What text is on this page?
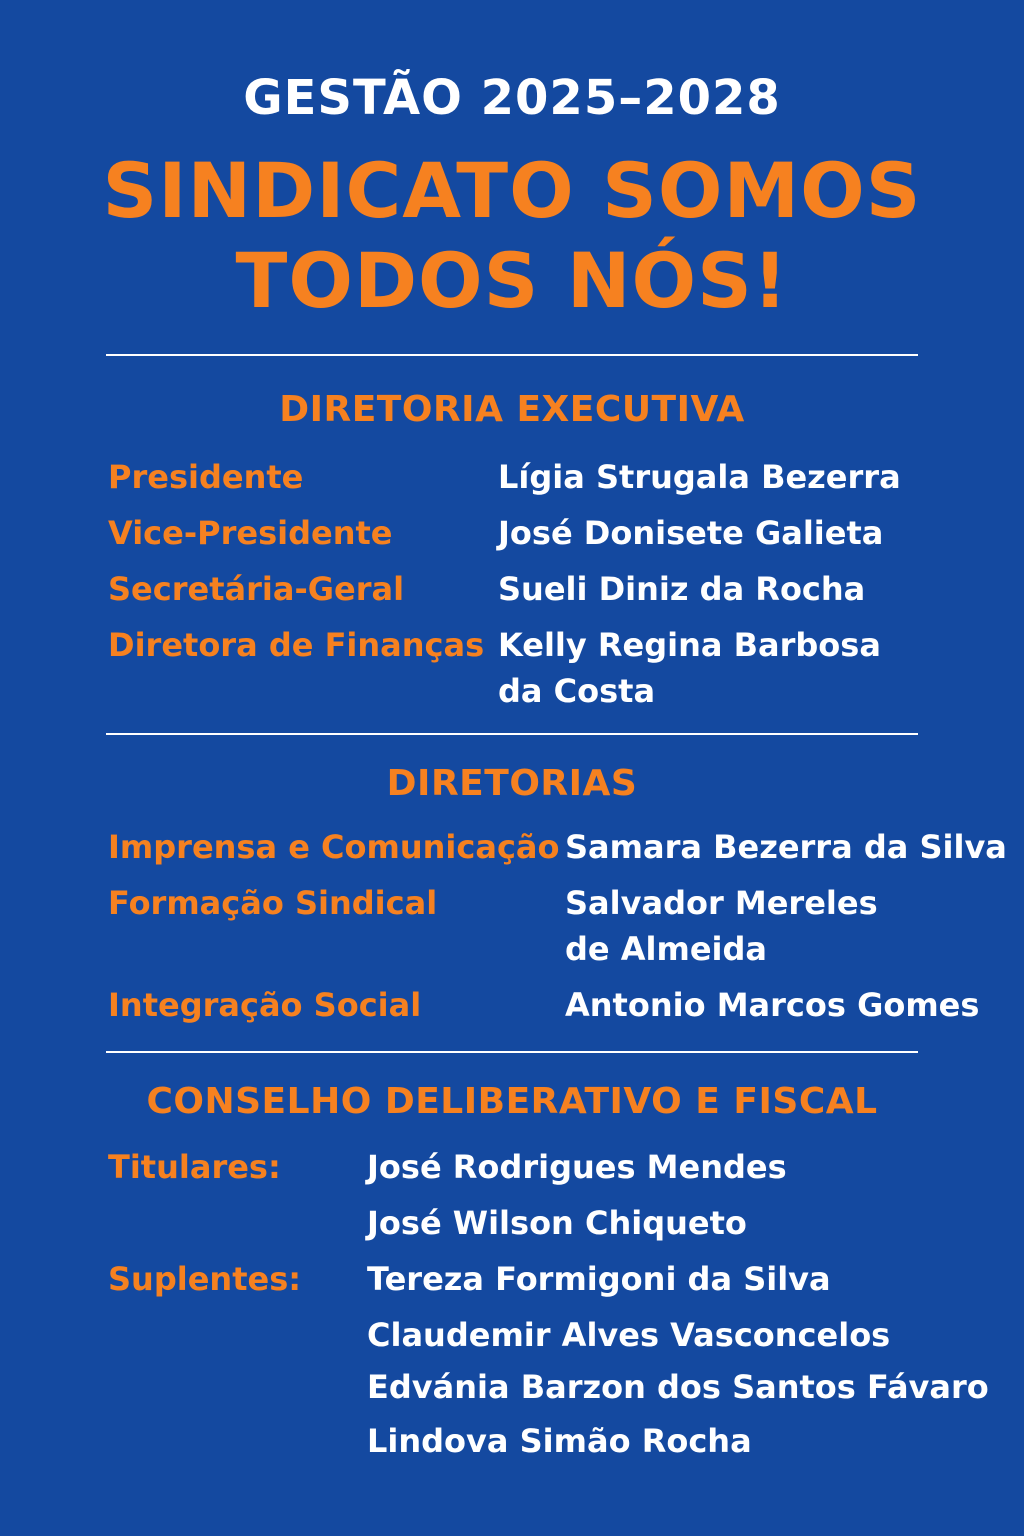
GESTÃO 2025–2028
SINDICATO SOMOS
TODOS NÓS!
DIRETORIA EXECUTIVA
Presidente	Lígia Strugala Bezerra
Vice-Presidente	José Donisete Galieta
Secretária-Geral	Sueli Diniz da Rocha
Diretora de Finanças Kelly Regina Barbosa
da Costa
DIRETORIAS
Imprensa e Comunicação Samara Bezerra da Silva
Formação Sindical	Salvador Mereles
de Almeida
Integração Social	Antonio Marcos Gomes
CONSELHO DELIBERATIVO E FISCAL
Titulares:	José Rodrigues Mendes
José Wilson Chiqueto
Suplentes: Tereza Formigoni da Silva
Claudemir Alves Vasconcelos
Edvánia Barzon dos Santos Fávaro
Lindova Simão Rocha
